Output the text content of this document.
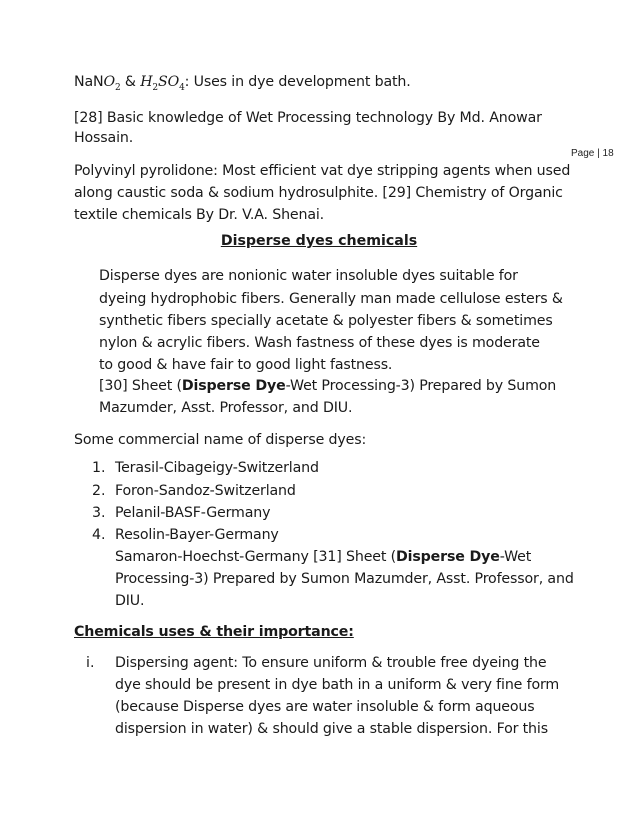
Page | 18
NaNO$_2$ & $H_2SO_4$: Uses in dye development bath.
[28] Basic knowledge of Wet Processing technology By Md. Anowar
Hossain.
Polyvinyl pyrolidone: Most efficient vat dye stripping agents when used
along caustic soda & sodium hydrosulphite. [29] Chemistry of Organic
textile chemicals By Dr. V.A. Shenai.
Disperse dyes chemicals
Disperse dyes are nonionic water insoluble dyes suitable for
dyeing hydrophobic fibers. Generally man made cellulose esters &
synthetic fibers specially acetate & polyester fibers & sometimes
nylon & acrylic fibers. Wash fastness of these dyes is moderate
to good & have fair to good light fastness.
[30] Sheet (Disperse Dye-Wet Processing-3) Prepared by Sumon
Mazumder, Asst. Professor, and DIU.
Some commercial name of disperse dyes:
1. Terasil-Cibageigy-Switzerland
2. Foron-Sandoz-Switzerland
3. Pelanil-BASF-Germany
4. Resolin-Bayer-Germany
Samaron-Hoechst-Germany [31] Sheet (Disperse Dye-Wet
Processing-3) Prepared by Sumon Mazumder, Asst. Professor, and
DIU.
Chemicals uses & their importance:
i. Dispersing agent: To ensure uniform & trouble free dyeing the
dye should be present in dye bath in a uniform & very fine form
(because Disperse dyes are water insoluble & form aqueous
dispersion in water) & should give a stable dispersion. For this
